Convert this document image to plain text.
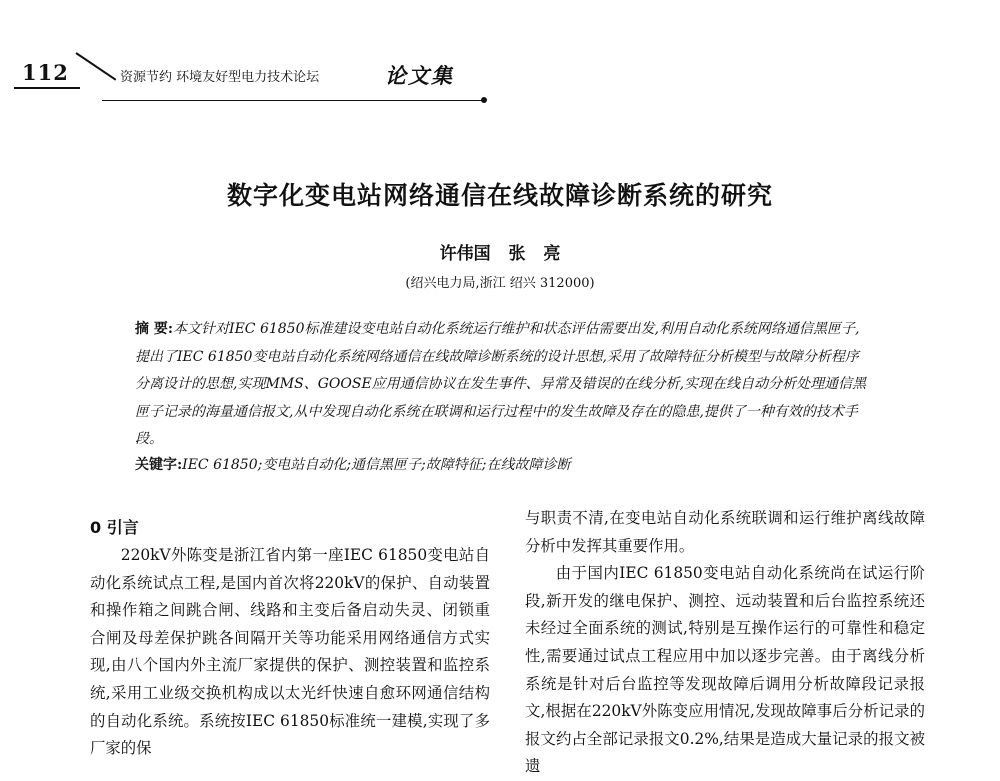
112	资源节约 环境友好型电力技术论坛	论文集
数字化变电站网络通信在线故障诊断系统的研究
许伟国 张 亮
(绍兴电力局,浙江 绍兴 312000)
摘 要:本文针对IEC 61850标准建设变电站自动化系统运行维护和状态评估需要出发,利用自动化系统网络通信黑匣子,提出了IEC 61850变电站自动化系统网络通信在线故障诊断系统的设计思想,采用了故障特征分析模型与故障分析程序分离设计的思想,实现MMS、GOOSE应用通信协议在发生事件、异常及错误的在线分析,实现在线自动分析处理通信黑匣子记录的海量通信报文,从中发现自动化系统在联调和运行过程中的发生故障及存在的隐患,提供了一种有效的技术手段。
关键字:IEC 61850;变电站自动化;通信黑匣子;故障特征;在线故障诊断
0 引言

220kV外陈变是浙江省内第一座IEC 61850变电站自动化系统试点工程,是国内首次将220kV的保护、自动装置和操作箱之间跳合闸、线路和主变后备启动失灵、闭锁重合闸及母差保护跳各间隔开关等功能采用网络通信方式实现,由八个国内外主流厂家提供的保护、测控装置和监控系统,采用工业级交换机构成以太光纤快速自愈环网通信结构的自动化系统。系统按IEC 61850标准统一建模,实现了多厂家的保

与职责不清,在变电站自动化系统联调和运行维护离线故障分析中发挥其重要作用。

由于国内IEC 61850变电站自动化系统尚在试运行阶段,新开发的继电保护、测控、远动装置和后台监控系统还未经过全面系统的测试,特别是互操作运行的可靠性和稳定性,需要通过试点工程应用中加以逐步完善。由于离线分析系统是针对后台监控等发现故障后调用分析故障段记录报文,根据在220kV外陈变应用情况,发现故障事后分析记录的报文约占全部记录报文0.2%,结果是造成大量记录的报文被遗
